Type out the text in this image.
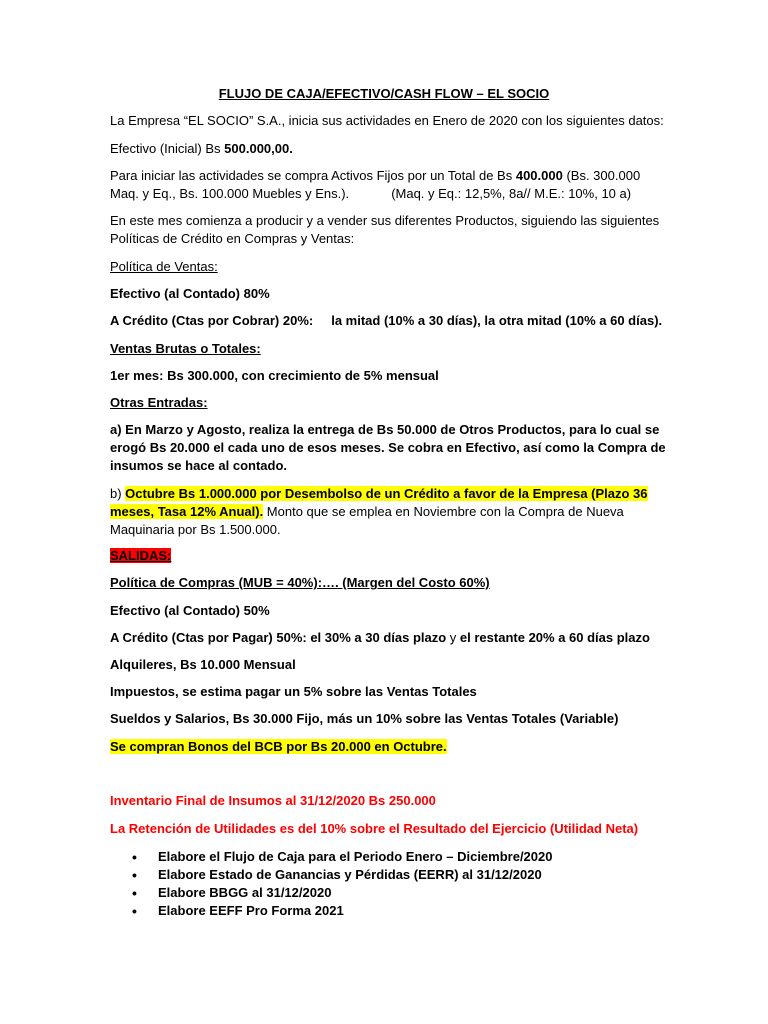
FLUJO DE CAJA/EFECTIVO/CASH FLOW – EL SOCIO

La Empresa “EL SOCIO” S.A., inicia sus actividades en Enero de 2020 con los siguientes datos:

Efectivo (Inicial) Bs 500.000,00.

Para iniciar las actividades se compra Activos Fijos por un Total de Bs 400.000 (Bs. 300.000
Maq. y Eq., Bs. 100.000 Muebles y Ens.).	(Maq. y Eq.: 12,5%, 8a// M.E.: 10%, 10 a)

En este mes comienza a producir y a vender sus diferentes Productos, siguiendo las siguientes
Políticas de Crédito en Compras y Ventas:

Política de Ventas:

Efectivo (al Contado) 80%

A Crédito (Ctas por Cobrar) 20%: la mitad (10% a 30 días), la otra mitad (10% a 60 días).

Ventas Brutas o Totales:

1er mes: Bs 300.000, con crecimiento de 5% mensual

Otras Entradas:

a) En Marzo y Agosto, realiza la entrega de Bs 50.000 de Otros Productos, para lo cual se
erogó Bs 20.000 el cada uno de esos meses. Se cobra en Efectivo, así como la Compra de
insumos se hace al contado.

b) Octubre Bs 1.000.000 por Desembolso de un Crédito a favor de la Empresa (Plazo 36
meses, Tasa 12% Anual). Monto que se emplea en Noviembre con la Compra de Nueva
Maquinaria por Bs 1.500.000.

SALIDAS:

Política de Compras (MUB = 40%):…. (Margen del Costo 60%)

Efectivo (al Contado) 50%

A Crédito (Ctas por Pagar) 50%: el 30% a 30 días plazo y el restante 20% a 60 días plazo

Alquileres, Bs 10.000 Mensual

Impuestos, se estima pagar un 5% sobre las Ventas Totales

Sueldos y Salarios, Bs 30.000 Fijo, más un 10% sobre las Ventas Totales (Variable)

Se compran Bonos del BCB por Bs 20.000 en Octubre.

Inventario Final de Insumos al 31/12/2020 Bs 250.000

La Retención de Utilidades es del 10% sobre el Resultado del Ejercicio (Utilidad Neta)

• Elabore el Flujo de Caja para el Periodo Enero – Diciembre/2020
• Elabore Estado de Ganancias y Pérdidas (EERR) al 31/12/2020
• Elabore BBGG al 31/12/2020
• Elabore EEFF Pro Forma 2021
